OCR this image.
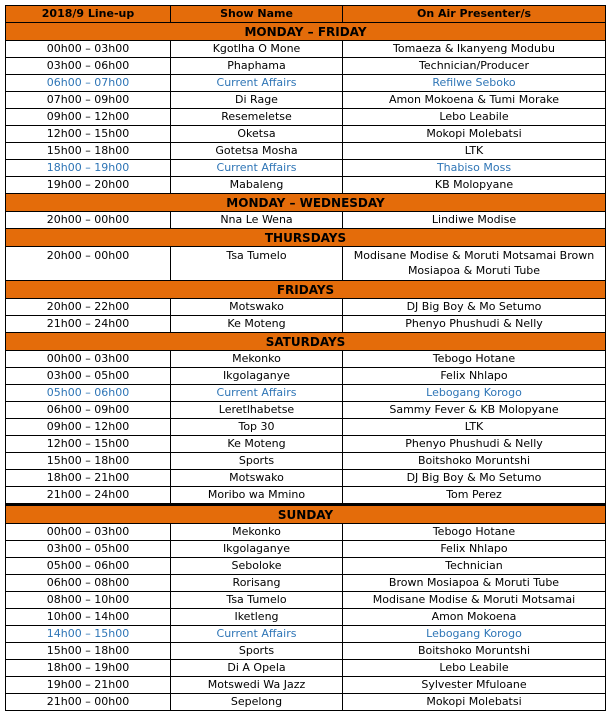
2018/9 Line-up	Show Name	On Air Presenter/s
MONDAY – FRIDAY		
00h00 – 03h00	Kgotlha O Mone	Tomaeza & Ikanyeng Modubu
03h00 – 06h00	Phaphama	Technician/Producer
06h00 – 07h00	Current Affairs	Refilwe Seboko
07h00 – 09h00	Di Rage	Amon Mokoena & Tumi Morake
09h00 – 12h00	Resemeletse	Lebo Leabile
12h00 – 15h00	Oketsa	Mokopi Molebatsi
15h00 – 18h00	Gotetsa Mosha	LTK
18h00 – 19h00	Current Affairs	Thabiso Moss
19h00 – 20h00	Mabaleng	KB Molopyane
MONDAY – WEDNESDAY		
20h00 – 00h00	Nna Le Wena	Lindiwe Modise
THURSDAYS		
20h00 – 00h00	Tsa Tumelo	Modisane Modise & Moruti Motsamai Brown Mosiapoa & Moruti Tube
FRIDAYS		
20h00 – 22h00	Motswako	DJ Big Boy & Mo Setumo
21h00 – 24h00	Ke Moteng	Phenyo Phushudi & Nelly
SATURDAYS		
00h00 – 03h00	Mekonko	Tebogo Hotane
03h00 – 05h00	Ikgolaganye	Felix Nhlapo
05h00 – 06h00	Current Affairs	Lebogang Korogo
06h00 – 09h00	Leretlhabetse	Sammy Fever & KB Molopyane
09h00 – 12h00	Top 30	LTK
12h00 – 15h00	Ke Moteng	Phenyo Phushudi & Nelly
15h00 – 18h00	Sports	Boitshoko Moruntshi
18h00 – 21h00	Motswako	DJ Big Boy & Mo Setumo
21h00 – 24h00	Moribo wa Mmino	Tom Perez
SUNDAY		
00h00 – 03h00	Mekonko	Tebogo Hotane
03h00 – 05h00	Ikgolaganye	Felix Nhlapo
05h00 – 06h00	Seboloke	Technician
06h00 – 08h00	Rorisang	Brown Mosiapoa & Moruti Tube
08h00 – 10h00	Tsa Tumelo	Modisane Modise & Moruti Motsamai
10h00 – 14h00	Iketleng	Amon Mokoena
14h00 – 15h00	Current Affairs	Lebogang Korogo
15h00 – 18h00	Sports	Boitshoko Moruntshi
18h00 – 19h00	Di A Opela	Lebo Leabile
19h00 – 21h00	Motswedi Wa Jazz	Sylvester Mfuloane
21h00 – 00h00	Sepelong	Mokopi Molebatsi
